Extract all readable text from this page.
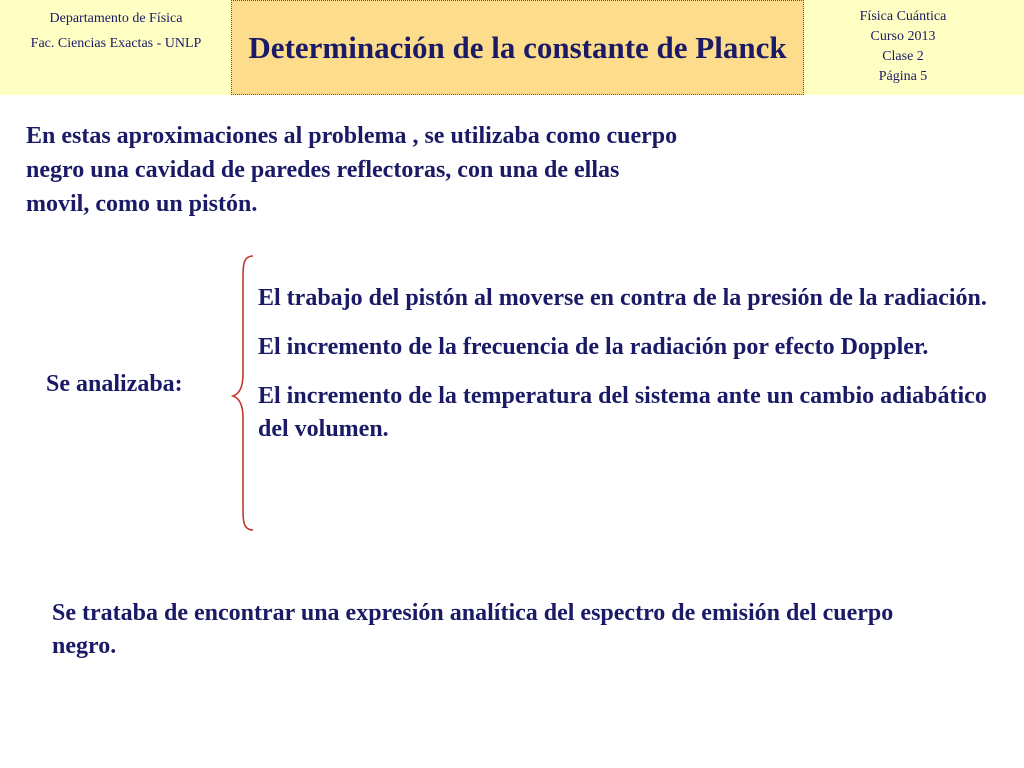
Departamento de Física
Fac. Ciencias Exactas - UNLP	Determinación de la constante de Planck
Física Cuántica
Curso 2013
Clase 2
Página 5
En estas aproximaciones al problema , se utilizaba como cuerpo negro una cavidad de paredes reflectoras, con una de ellas movil, como un pistón.
Se analizaba:
El trabajo del pistón al moverse en contra de la presión de la radiación.
El incremento de la frecuencia de la radiación por efecto Doppler.
El incremento de la temperatura del sistema ante un cambio adiabático del volumen.
Se trataba de encontrar una expresión analítica del espectro de emisión del cuerpo negro.
